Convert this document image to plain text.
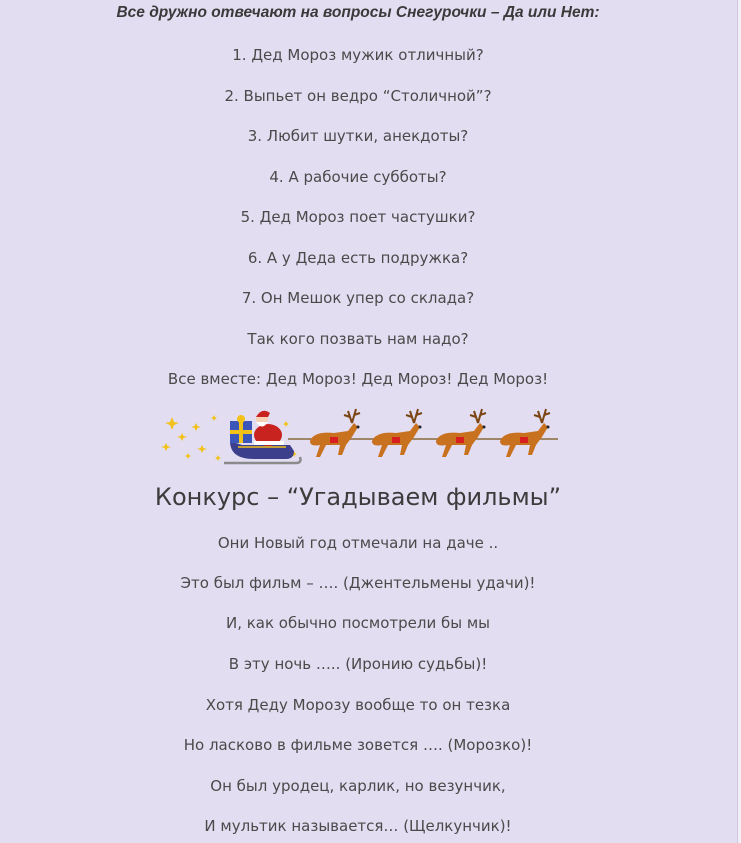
Все дружно отвечают на вопросы Снегурочки – Да или Нет:
1. Дед Мороз мужик отличный?
2. Выпьет он ведро “Столичной”?
3. Любит шутки, анекдоты?
4. А рабочие субботы?
5. Дед Мороз поет частушки?
6. А у Деда есть подружка?
7. Он Мешок упер со склада?
Так кого позвать нам надо?
Все вместе: Дед Мороз! Дед Мороз! Дед Мороз!
Конкурс – “Угадываем фильмы”
Они Новый год отмечали на даче ..
Это был фильм – …. (Джентельмены удачи)!
И, как обычно посмотрели бы мы
В эту ночь ….. (Иронию судьбы)!
Хотя Деду Морозу вообще то он тезка
Но ласково в фильме зовется …. (Морозко)!
Он был уродец, карлик, но везунчик,
И мультик называется… (Щелкунчик)!
